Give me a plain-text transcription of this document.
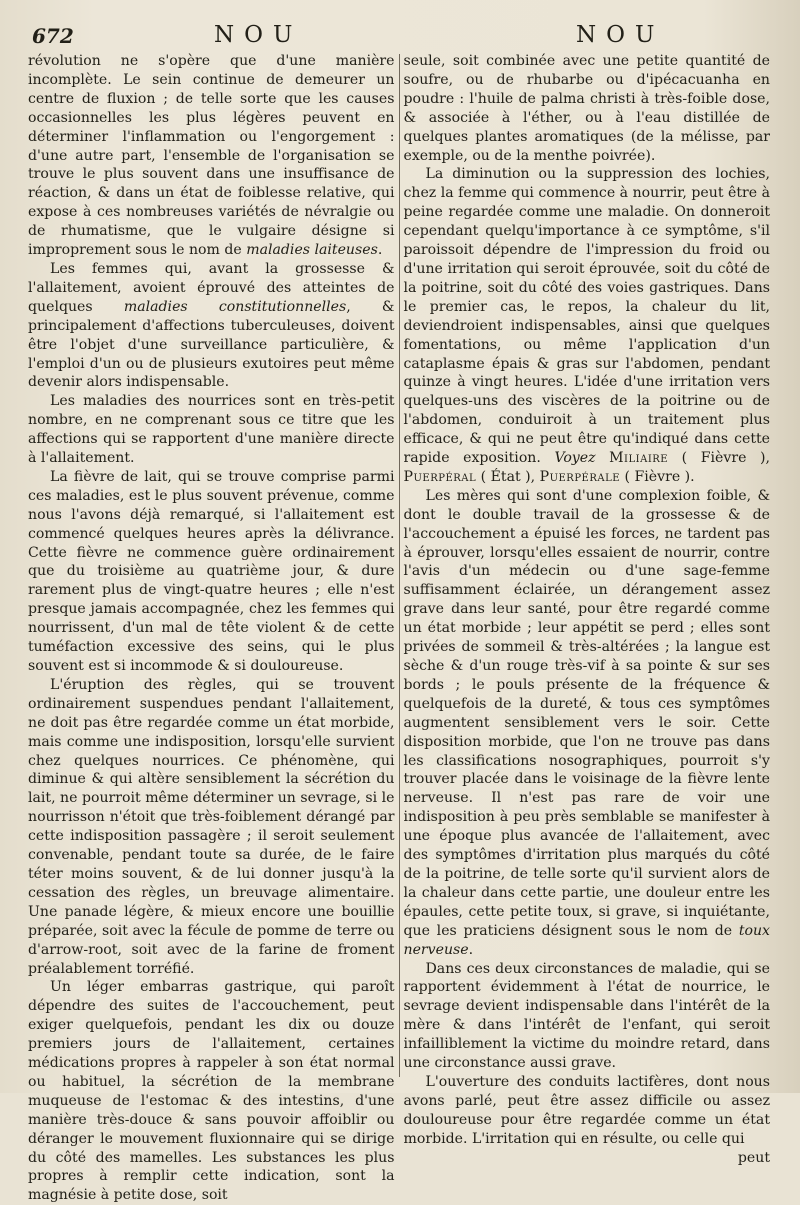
672	NOU	NOU

révolution ne s'opère que d'une manière incomplète. Le sein continue de demeurer un centre de fluxion ; de telle sorte que les causes occasionnelles les plus légères peuvent en déterminer l'inflammation ou l'engorgement : d'une autre part, l'ensemble de l'organisation se trouve le plus souvent dans une insuffisance de réaction, & dans un état de foiblesse relative, qui expose à ces nombreuses variétés de névralgie ou de rhumatisme, que le vulgaire désigne si improprement sous le nom de maladies laiteuses.

Les femmes qui, avant la grossesse & l'allaitement, avoient éprouvé des atteintes de quelques maladies constitutionnelles, & principalement d'affections tuberculeuses, doivent être l'objet d'une surveillance particulière, & l'emploi d'un ou de plusieurs exutoires peut même devenir alors indispensable.

Les maladies des nourrices sont en très-petit nombre, en ne comprenant sous ce titre que les affections qui se rapportent d'une manière directe à l'allaitement.

La fièvre de lait, qui se trouve comprise parmi ces maladies, est le plus souvent prévenue, comme nous l'avons déjà remarqué, si l'allaitement est commencé quelques heures après la délivrance. Cette fièvre ne commence guère ordinairement que du troisième au quatrième jour, & dure rarement plus de vingt-quatre heures ; elle n'est presque jamais accompagnée, chez les femmes qui nourrissent, d'un mal de tête violent & de cette tuméfaction excessive des seins, qui le plus souvent est si incommode & si douloureuse.

L'éruption des règles, qui se trouvent ordinairement suspendues pendant l'allaitement, ne doit pas être regardée comme un état morbide, mais comme une indisposition, lorsqu'elle survient chez quelques nourrices. Ce phénomène, qui diminue & qui altère sensiblement la sécrétion du lait, ne pourroit même déterminer un sevrage, si le nourrisson n'étoit que très-foiblement dérangé par cette indisposition passagère ; il seroit seulement convenable, pendant toute sa durée, de le faire téter moins souvent, & de lui donner jusqu'à la cessation des règles, un breuvage alimentaire. Une panade légère, & mieux encore une bouillie préparée, soit avec la fécule de pomme de terre ou d'arrow-root, soit avec de la farine de froment préalablement torréfié.

Un léger embarras gastrique, qui paroît dépendre des suites de l'accouchement, peut exiger quelquefois, pendant les dix ou douze premiers jours de l'allaitement, certaines médications propres à rappeler à son état normal ou habituel, la sécrétion de la membrane muqueuse de l'estomac & des intestins, d'une manière très-douce & sans pouvoir affoiblir ou déranger le mouvement fluxionnaire qui se dirige du côté des mamelles. Les substances les plus propres à remplir cette indication, sont la magnésie à petite dose, soit

seule, soit combinée avec une petite quantité de soufre, ou de rhubarbe ou d'ipécacuanha en poudre : l'huile de palma christi à très-foible dose, & associée à l'éther, ou à l'eau distillée de quelques plantes aromatiques (de la mélisse, par exemple, ou de la menthe poivrée).

La diminution ou la suppression des lochies, chez la femme qui commence à nourrir, peut être à peine regardée comme une maladie. On donneroit cependant quelqu'importance à ce symptôme, s'il paroissoit dépendre de l'impression du froid ou d'une irritation qui seroit éprouvée, soit du côté de la poitrine, soit du côté des voies gastriques. Dans le premier cas, le repos, la chaleur du lit, deviendroient indispensables, ainsi que quelques fomentations, ou même l'application d'un cataplasme épais & gras sur l'abdomen, pendant quinze à vingt heures. L'idée d'une irritation vers quelques-uns des viscères de la poitrine ou de l'abdomen, conduiroit à un traitement plus efficace, & qui ne peut être qu'indiqué dans cette rapide exposition. Voyez Miliaire ( Fièvre ), Puerpéral ( État ), Puerpérale ( Fièvre ).

Les mères qui sont d'une complexion foible, & dont le double travail de la grossesse & de l'accouchement a épuisé les forces, ne tardent pas à éprouver, lorsqu'elles essaient de nourrir, contre l'avis d'un médecin ou d'une sage-femme suffisamment éclairée, un dérangement assez grave dans leur santé, pour être regardé comme un état morbide ; leur appétit se perd ; elles sont privées de sommeil & très-altérées ; la langue est sèche & d'un rouge très-vif à sa pointe & sur ses bords ; le pouls présente de la fréquence & quelquefois de la dureté, & tous ces symptômes augmentent sensiblement vers le soir. Cette disposition morbide, que l'on ne trouve pas dans les classifications nosographiques, pourroit s'y trouver placée dans le voisinage de la fièvre lente nerveuse. Il n'est pas rare de voir une indisposition à peu près semblable se manifester à une époque plus avancée de l'allaitement, avec des symptômes d'irritation plus marqués du côté de la poitrine, de telle sorte qu'il survient alors de la chaleur dans cette partie, une douleur entre les épaules, cette petite toux, si grave, si inquiétante, que les praticiens désignent sous le nom de toux nerveuse.

Dans ces deux circonstances de maladie, qui se rapportent évidemment à l'état de nourrice, le sevrage devient indispensable dans l'intérêt de la mère & dans l'intérêt de l'enfant, qui seroit infailliblement la victime du moindre retard, dans une circonstance aussi grave.

L'ouverture des conduits lactifères, dont nous avons parlé, peut être assez difficile ou assez douloureuse pour être regardée comme un état morbide. L'irritation qui en résulte, ou celle qui

peut
